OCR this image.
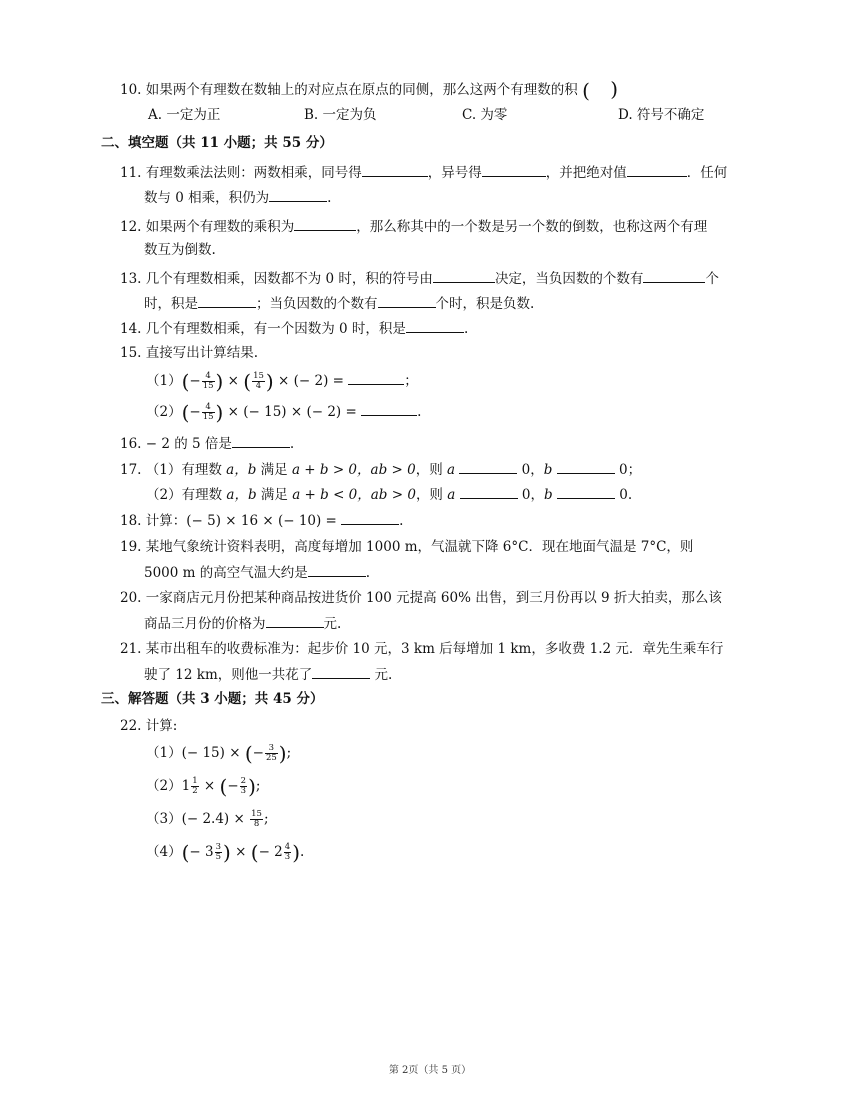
10. 如果两个有理数在数轴上的对应点在原点的同侧，那么这两个有理数的积 ( )
A. 一定为正	B. 一定为负	C. 为零	D. 符号不确定
二、填空题（共 11 小题；共 55 分）
11. 有理数乘法法则：两数相乘，同号得	，异号得	，并把绝对值	．任何
数与 0 相乘，积仍为	.
12. 如果两个有理数的乘积为	，那么称其中的一个数是另一个数的倒数，也称这两个有理
数互为倒数.
13. 几个有理数相乘，因数都不为 0 时，积的符号由	决定，当负因数的个数有	个
时，积是	；当负因数的个数有	个时，积是负数.
14. 几个有理数相乘，有一个因数为 0 时，积是	.
15. 直接写出计算结果.
$(1)(- \frac{4}{15}$ ) × ( $\frac{15}{4}$ ) × (− 2) =	；
$(2)(- \frac{4}{15}$ ) × (− 15) × (− 2) =	.
16. − 2 的 5 倍是	.
17. （1）有理数 a，b 满足 a + b > 0，ab > 0，则 a	0，b	0；
（2）有理数 a，b 满足 a + b < 0，ab > 0，则 a	0，b	0.
18. 计算：(− 5) × 16 × (− 10) =	.
19. 某地气象统计资料表明，高度每增加 1000 m，气温就下降 6°C．现在地面气温是 7°C，则
5000 m 的高空气温大约是	.
20. 一家商店元月份把某种商品按进货价 100 元提高 60% 出售，到三月份再以 9 折大拍卖，那么该
商品三月份的价格为	元.
21. 某市出租车的收费标准为：起步价 10 元，3 km 后每增加 1 km，多收费 1.2 元．章先生乘车行
驶了 12 km，则他一共花了	元.
三、解答题（共 3 小题；共 45 分）
22. 计算:
（1）(− 15) × (− $\frac{3}{25}$ );
$(2)1 \frac{1}{2}$ × (− $\frac{2}{3}$ );
$(3)(- 2.4) \times \frac{15}{8}$ ;
$(4)(- 3 \frac{3}{5}$ ) × (− $2 \frac{4}{3}$ ).
第 2页（共 5 页）
